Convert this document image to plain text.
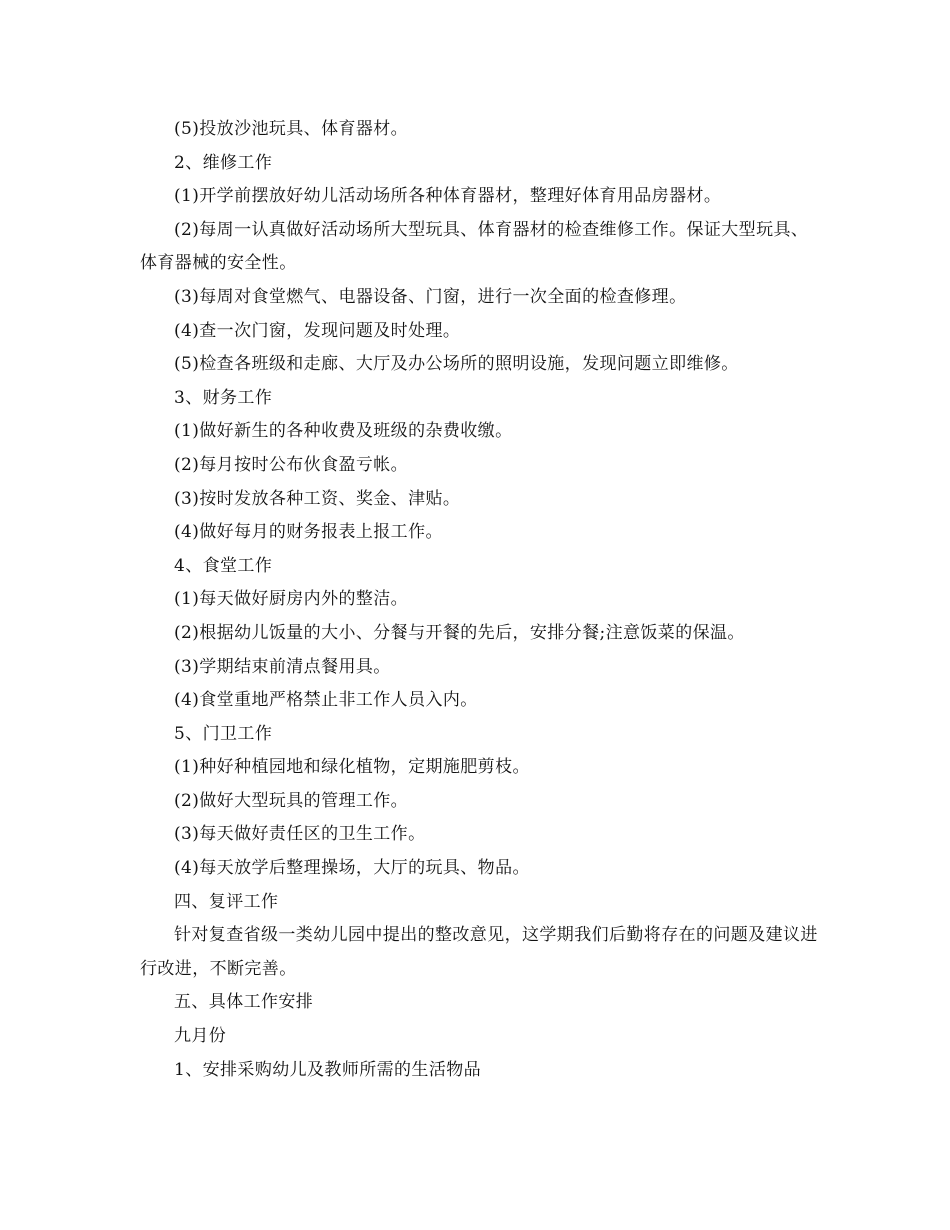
(5)投放沙池玩具、体育器材。

2、维修工作

(1)开学前摆放好幼儿活动场所各种体育器材，整理好体育用品房器材。

(2)每周一认真做好活动场所大型玩具、体育器材的检查维修工作。保证大型玩具、体育器械的安全性。

(3)每周对食堂燃气、电器设备、门窗，进行一次全面的检查修理。

(4)查一次门窗，发现问题及时处理。

(5)检查各班级和走廊、大厅及办公场所的照明设施，发现问题立即维修。

3、财务工作

(1)做好新生的各种收费及班级的杂费收缴。

(2)每月按时公布伙食盈亏帐。

(3)按时发放各种工资、奖金、津贴。

(4)做好每月的财务报表上报工作。

4、食堂工作

(1)每天做好厨房内外的整洁。

(2)根据幼儿饭量的大小、分餐与开餐的先后，安排分餐;注意饭菜的保温。

(3)学期结束前清点餐用具。

(4)食堂重地严格禁止非工作人员入内。

5、门卫工作

(1)种好种植园地和绿化植物，定期施肥剪枝。

(2)做好大型玩具的管理工作。

(3)每天做好责任区的卫生工作。

(4)每天放学后整理操场，大厅的玩具、物品。

四、复评工作

针对复查省级一类幼儿园中提出的整改意见，这学期我们后勤将存在的问题及建议进行改进，不断完善。

五、具体工作安排

九月份

1、安排采购幼儿及教师所需的生活物品
